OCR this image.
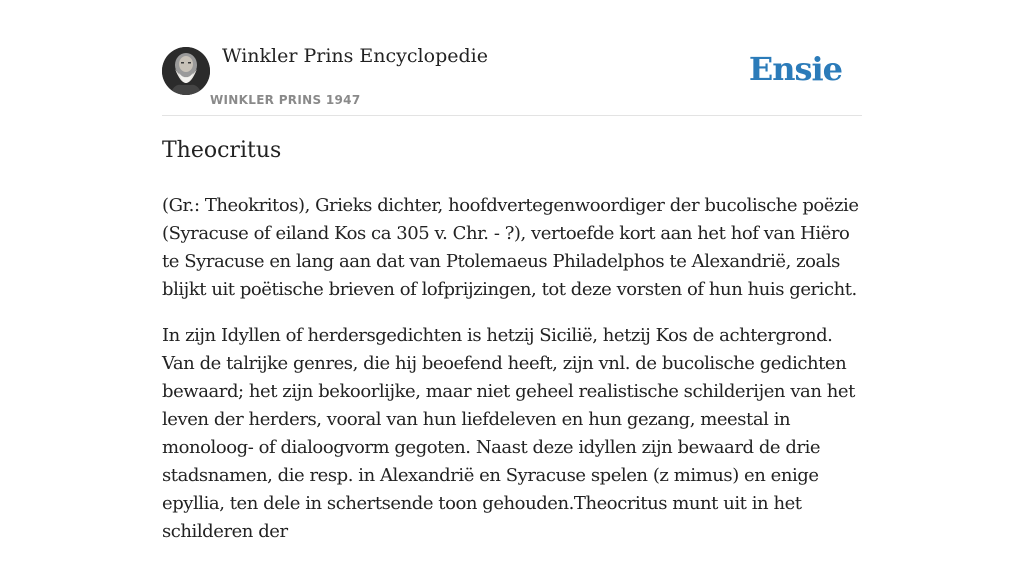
Winkler Prins Encyclopedie
WINKLER PRINS 1947
Ensie
Theocritus

(Gr.: Theokritos), Grieks dichter, hoofdvertegenwoordiger der bucolische poëzie (Syracuse of eiland Kos ca 305 v. Chr. - ?), vertoefde kort aan het hof van Hiëro te Syracuse en lang aan dat van Ptolemaeus Philadelphos te Alexandrië, zoals blijkt uit poëtische brieven of lofprijzingen, tot deze vorsten of hun huis gericht.

In zijn Idyllen of herdersgedichten is hetzij Sicilië, hetzij Kos de achtergrond. Van de talrijke genres, die hij beoefend heeft, zijn vnl. de bucolische gedichten bewaard; het zijn bekoorlijke, maar niet geheel realistische schilderijen van het leven der herders, vooral van hun liefdeleven en hun gezang, meestal in monoloog- of dialoogvorm gegoten. Naast deze idyllen zijn bewaard de drie stadsnamen, die resp. in Alexandrië en Syracuse spelen (z mimus) en enige epyllia, ten dele in schertsende toon gehouden.Theocritus munt uit in het schilderen der
